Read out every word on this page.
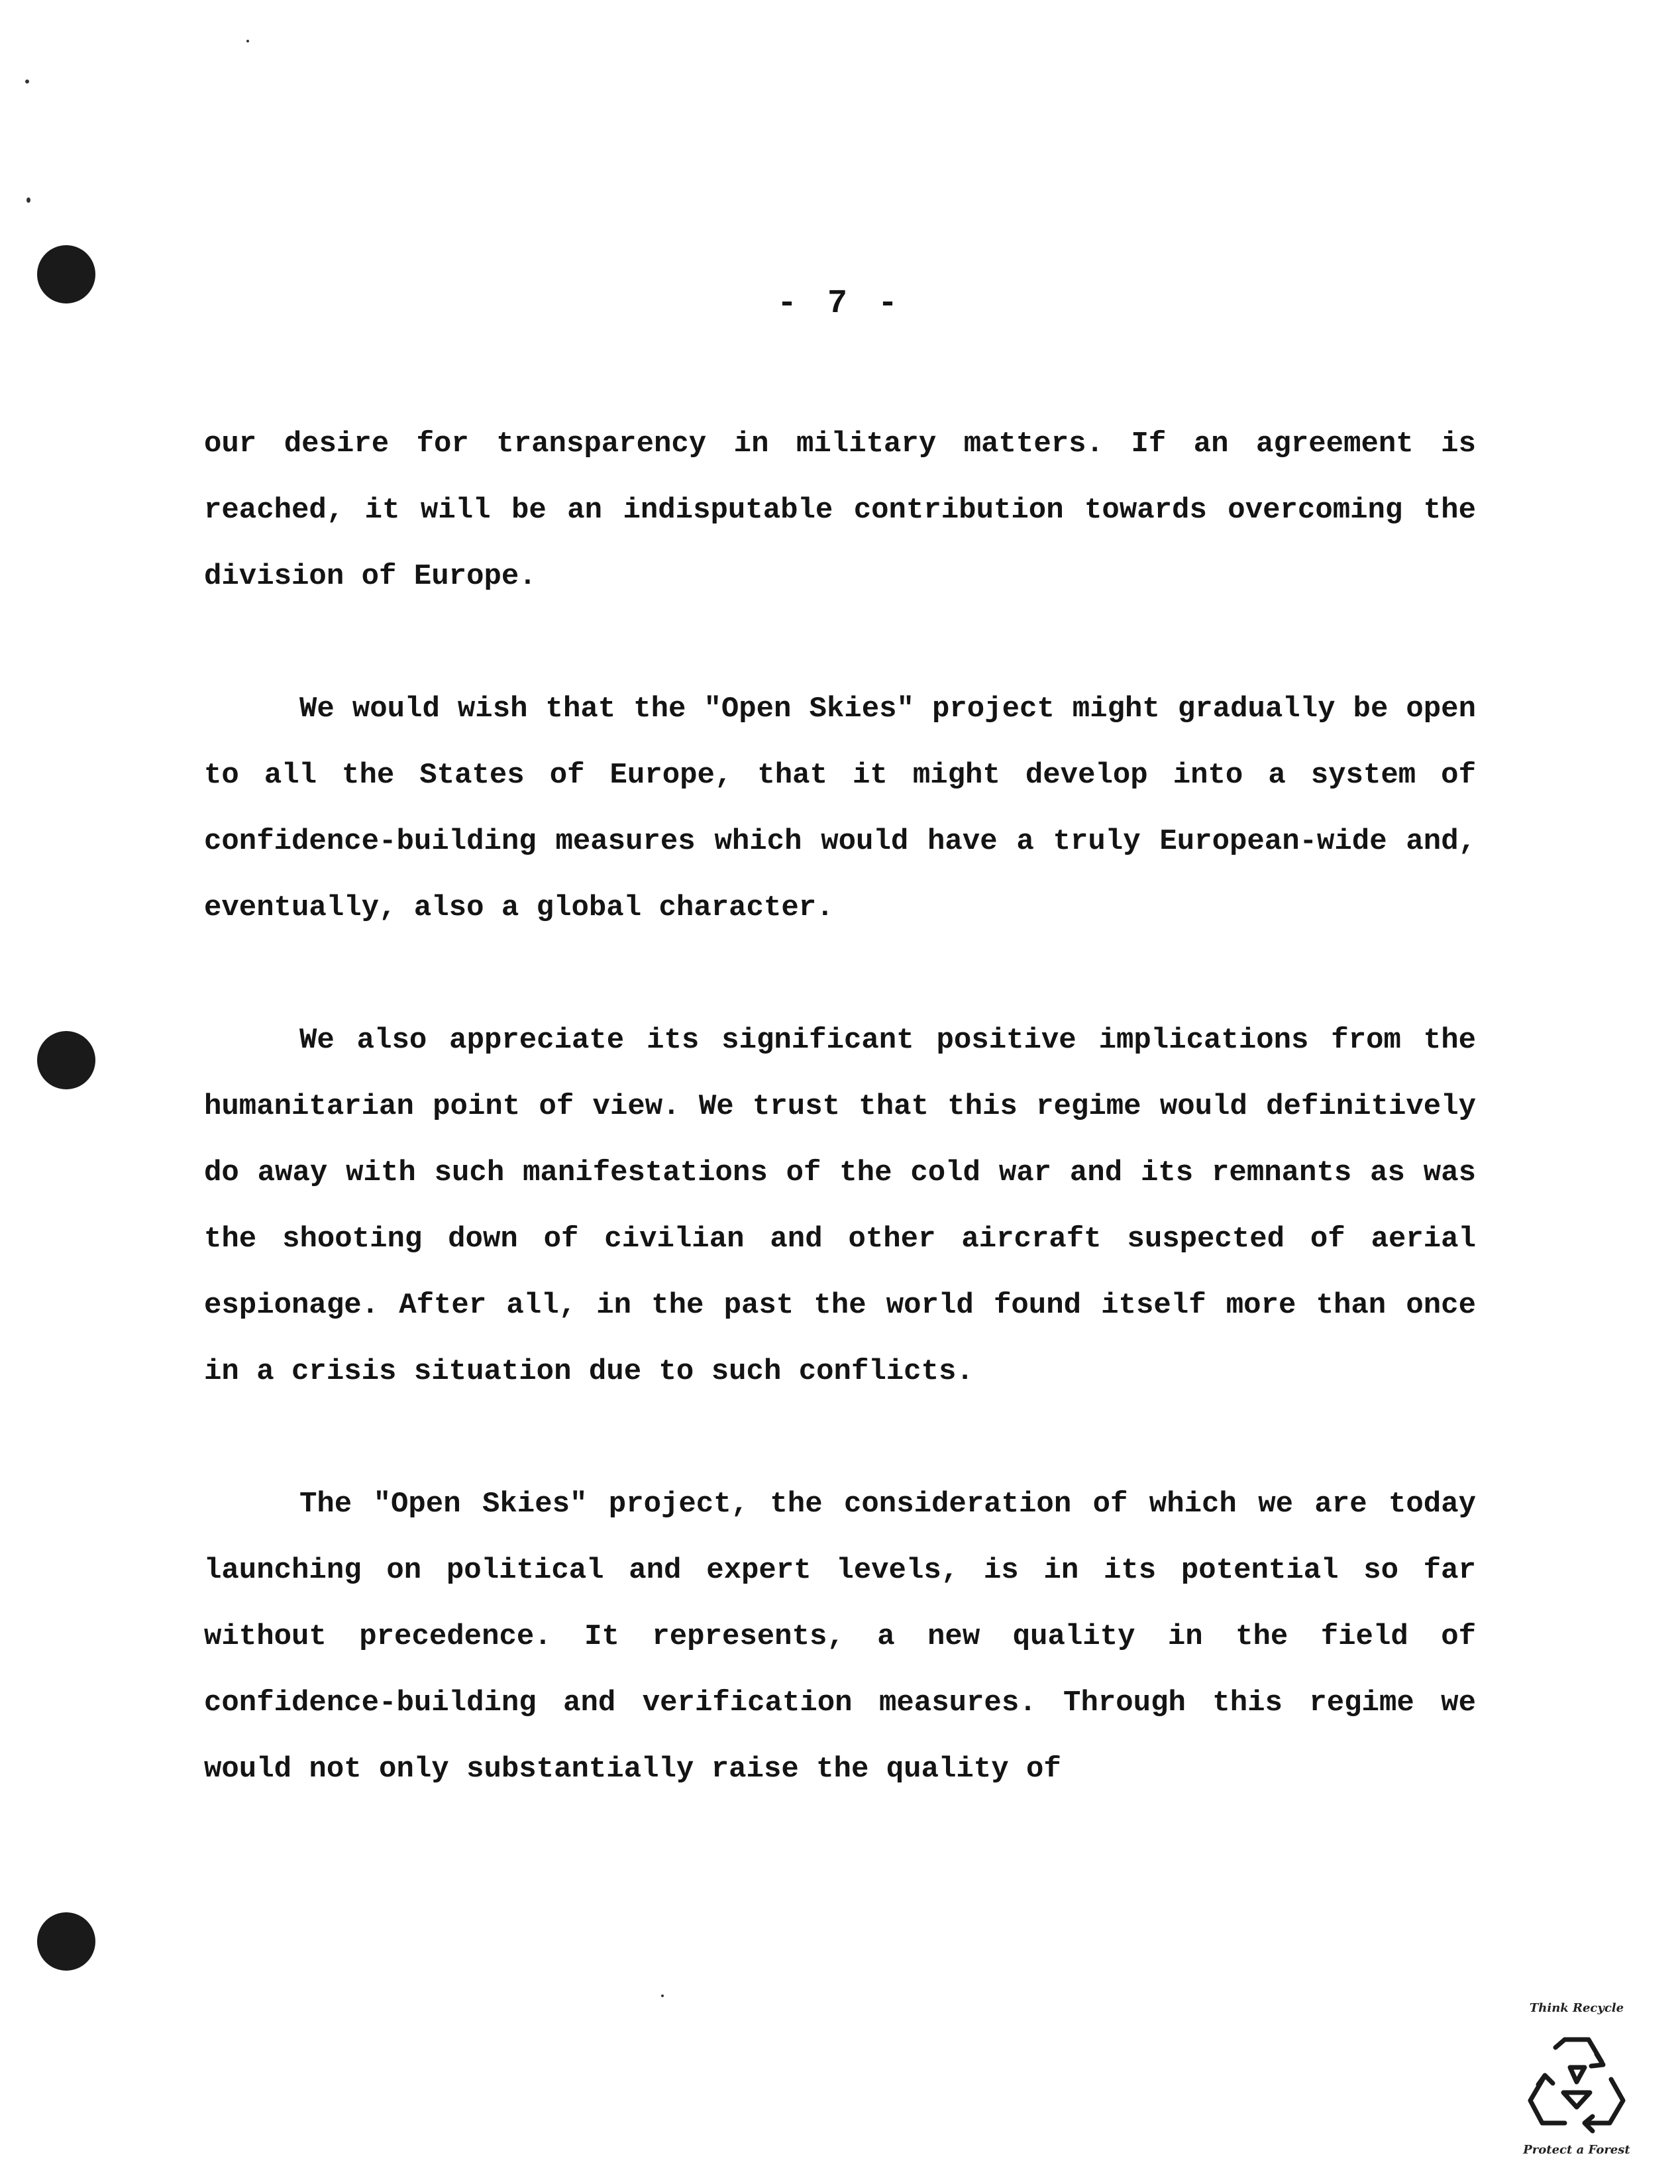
- 7 -

our desire for transparency in military matters. If an agreement is reached, it will be an indisputable contribution towards overcoming the division of Europe.

We would wish that the "Open Skies" project might gradually be open to all the States of Europe, that it might develop into a system of confidence-building measures which would have a truly European-wide and, eventually, also a global character.

We also appreciate its significant positive implications from the humanitarian point of view. We trust that this regime would definitively do away with such manifestations of the cold war and its remnants as was the shooting down of civilian and other aircraft suspected of aerial espionage. After all, in the past the world found itself more than once in a crisis situation due to such conflicts.

The "Open Skies" project, the consideration of which we are today launching on political and expert levels, is in its potential so far without precedence. It represents, a new quality in the field of confidence-building and verification measures. Through this regime we would not only substantially raise the quality of

Think Recycle
Protect a Forest
